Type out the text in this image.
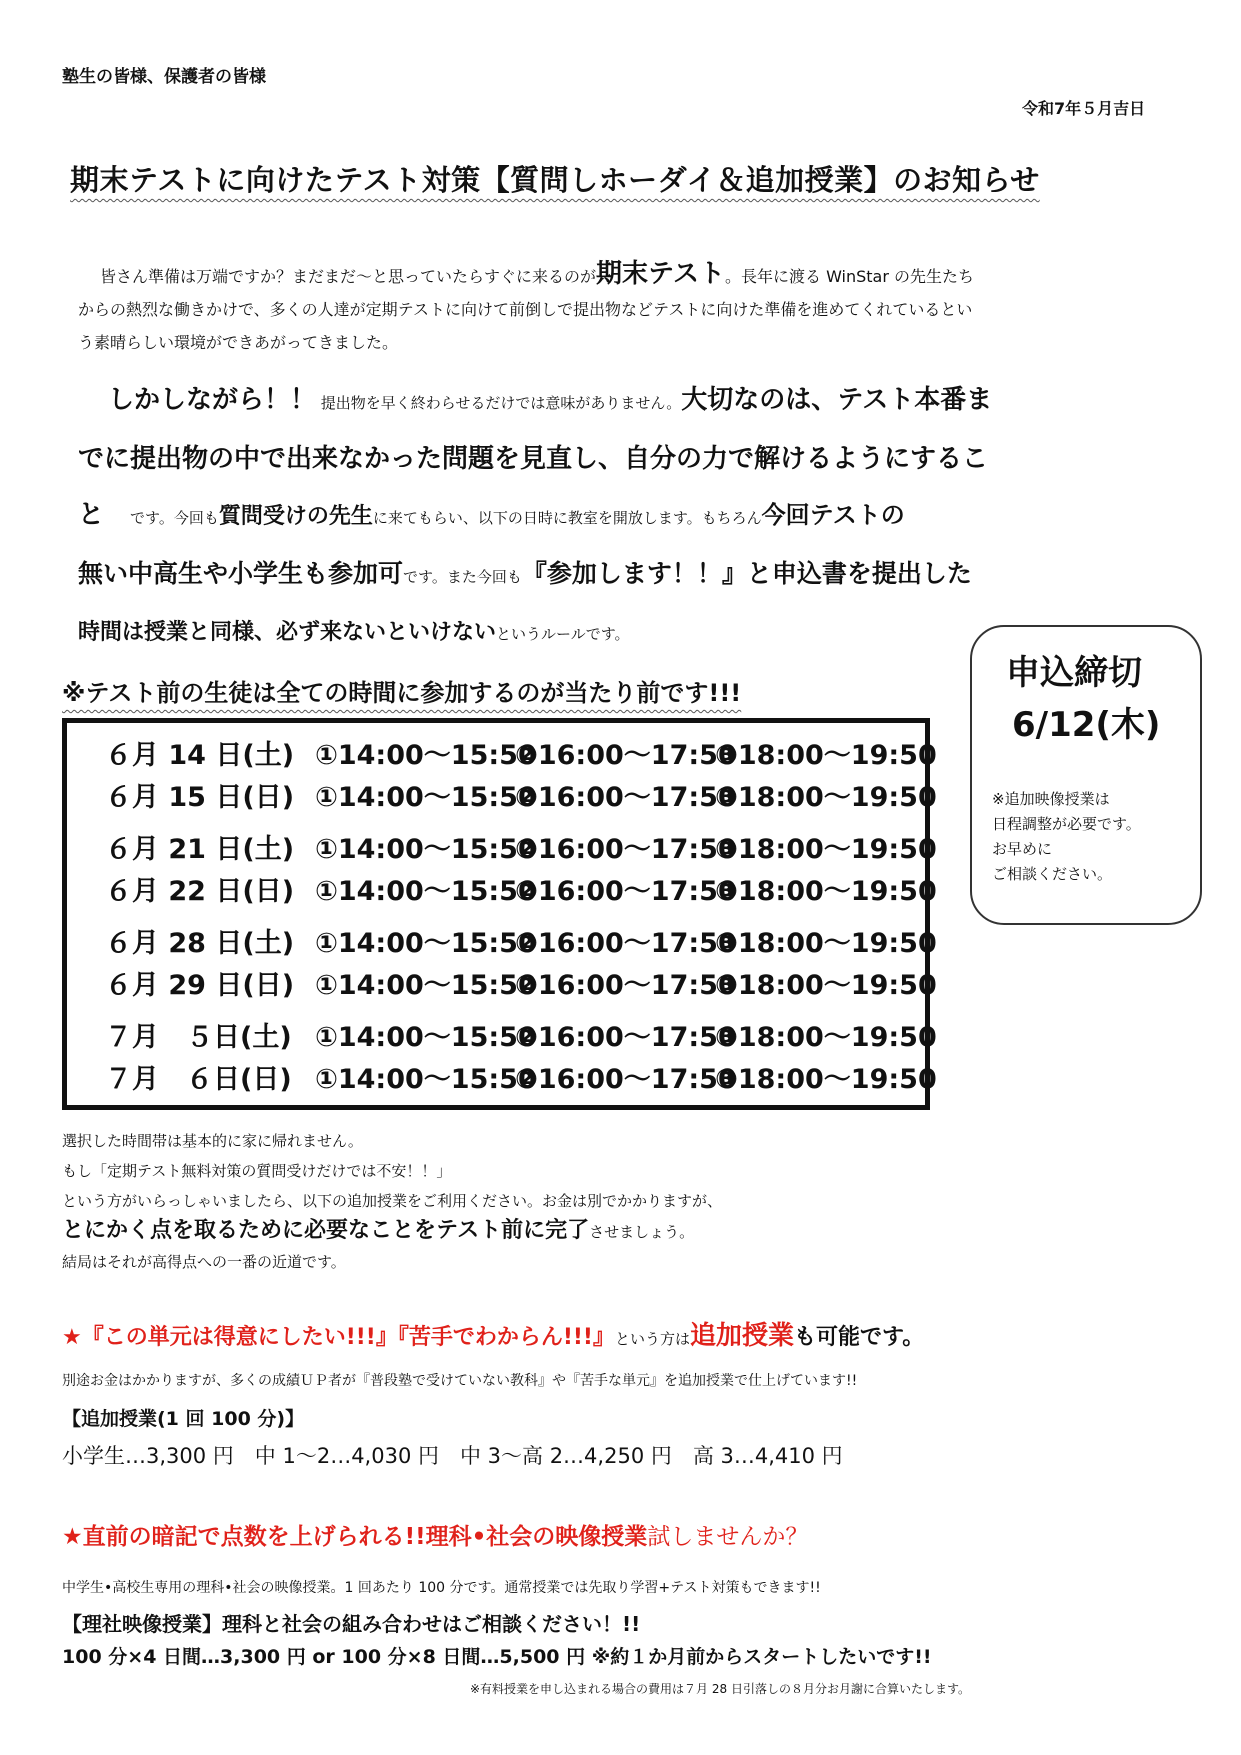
塾生の皆様、保護者の皆様
令和7年５月吉日
期末テストに向けたテスト対策【質問しホーダイ＆追加授業】のお知らせ
皆さん準備は万端ですか？まだまだ～と思っていたらすぐに来るのが期末テスト。長年に渡る WinStar の先生たち
からの熱烈な働きかけで、多くの人達が定期テストに向けて前倒しで提出物などテストに向けた準備を進めてくれているとい
う素晴らしい環境ができあがってきました。
しかしながら！！ 提出物を早く終わらせるだけでは意味がありません。大切なのは、テスト本番ま
でに提出物の中で出来なかった問題を見直し、自分の力で解けるようにするこ
と です。今回も質問受けの先生に来てもらい、以下の日時に教室を開放します。もちろん今回テストの
無い中高生や小学生も参加可です。また今回も『参加します！！』と申込書を提出した
時間は授業と同様、必ず来ないといけないというルールです。
※テスト前の生徒は全ての時間に参加するのが当たり前です!!!
６月 14 日(土) ①14:00～15:50②16:00～17:50③18:00～19:50
６月 15 日(日) ①14:00～15:50②16:00～17:50③18:00～19:50
６月 21 日(土) ①14:00～15:50②16:00～17:50③18:00～19:50
６月 22 日(日) ①14:00～15:50②16:00～17:50③18:00～19:50
６月 28 日(土) ①14:00～15:50②16:00～17:50③18:00～19:50
６月 29 日(日) ①14:00～15:50②16:00～17:50③18:00～19:50
７月　５日(土) ①14:00～15:50②16:00～17:50③18:00～19:50
７月　６日(日) ①14:00～15:50②16:00～17:50③18:00～19:50
申込締切
6/12(木)
※追加映像授業は
日程調整が必要です。
お早めに
ご相談ください。
選択した時間帯は基本的に家に帰れません。
もし「定期テスト無料対策の質問受けだけでは不安！！」
という方がいらっしゃいましたら、以下の追加授業をご利用ください。お金は別でかかりますが、
とにかく点を取るために必要なことをテスト前に完了させましょう。
結局はそれが高得点への一番の近道です。
★『この単元は得意にしたい!!!』『苦手でわからん!!!』という方は追加授業も可能です。
別途お金はかかりますが、多くの成績ＵＰ者が『普段塾で受けていない教科』や『苦手な単元』を追加授業で仕上げています!!
【追加授業(1 回 100 分)】
小学生…3,300 円　中 1～2…4,030 円　中 3～高 2…4,250 円　高 3…4,410 円
★直前の暗記で点数を上げられる!!理科•社会の映像授業試しませんか？
中学生•高校生専用の理科•社会の映像授業。1 回あたり 100 分です。通常授業では先取り学習+テスト対策もできます!!
【理社映像授業】理科と社会の組み合わせはご相談ください！!!
100 分×4 日間…3,300 円 or 100 分×8 日間…5,500 円 ※約１か月前からスタートしたいです!!
※有料授業を申し込まれる場合の費用は７月 28 日引落しの８月分お月謝に合算いたします。
